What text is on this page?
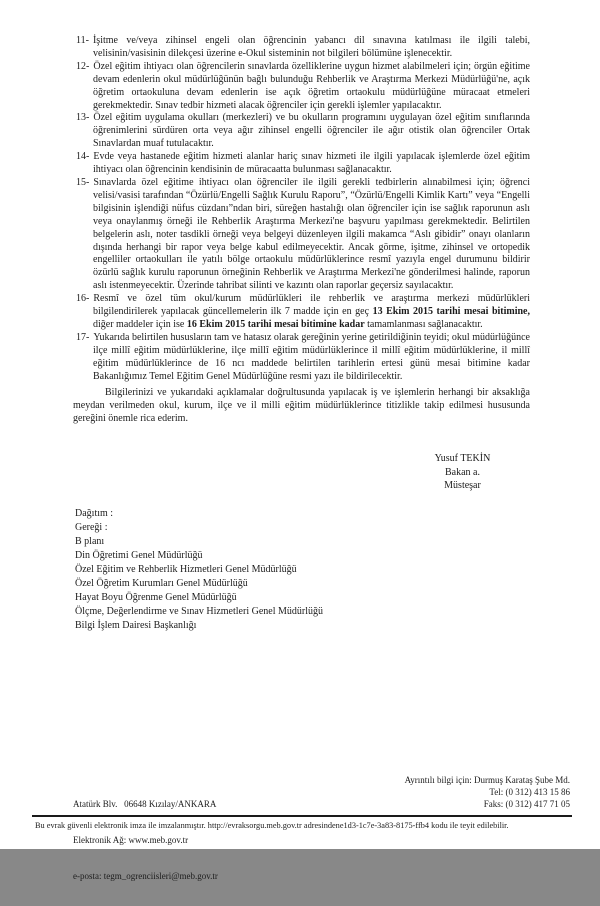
11- İşitme ve/veya zihinsel engeli olan öğrencinin yabancı dil sınavına katılması ile ilgili talebi, velisinin/vasisinin dilekçesi üzerine e-Okul sisteminin not bilgileri bölümüne işlenecektir.
12- Özel eğitim ihtiyacı olan öğrencilerin sınavlarda özelliklerine uygun hizmet alabilmeleri için; örgün eğitime devam edenlerin okul müdürlüğünün bağlı bulunduğu Rehberlik ve Araştırma Merkezi Müdürlüğü'ne, açık öğretim ortaokuluna devam edenlerin ise açık öğretim ortaokulu müdürlüğüne müracaat etmeleri gerekmektedir. Sınav tedbir hizmeti alacak öğrenciler için gerekli işlemler yapılacaktır.
13- Özel eğitim uygulama okulları (merkezleri) ve bu okulların programını uygulayan özel eğitim sınıflarında öğrenimlerini sürdüren orta veya ağır zihinsel engelli öğrenciler ile ağır otistik olan öğrenciler Ortak Sınavlardan muaf tutulacaktır.
14- Evde veya hastanede eğitim hizmeti alanlar hariç sınav hizmeti ile ilgili yapılacak işlemlerde özel eğitim ihtiyacı olan öğrencinin kendisinin de müracaatta bulunması sağlanacaktır.
15- Sınavlarda özel eğitime ihtiyacı olan öğrenciler ile ilgili gerekli tedbirlerin alınabilmesi için; öğrenci velisi/vasisi tarafından “Özürlü/Engelli Sağlık Kurulu Raporu”, “Özürlü/Engelli Kimlik Kartı” veya “Engelli bilgisinin işlendiği nüfus cüzdanı”ndan biri, süreğen hastalığı olan öğrenciler için ise sağlık raporunun aslı veya onaylanmış örneği ile Rehberlik Araştırma Merkezi'ne başvuru yapılması gerekmektedir. Belirtilen belgelerin aslı, noter tasdikli örneği veya belgeyi düzenleyen ilgili makamca “Aslı gibidir” onayı olanların dışında herhangi bir rapor veya belge kabul edilmeyecektir. Ancak görme, işitme, zihinsel ve ortopedik engelliler ortaokulları ile yatılı bölge ortaokulu müdürlüklerince resmî yazıyla engel durumunu bildirir özürlü sağlık kurulu raporunun örneğinin Rehberlik ve Araştırma Merkezi'ne gönderilmesi halinde, raporun aslı istenmeyecektir. Üzerinde tahribat silinti ve kazıntı olan raporlar geçersiz sayılacaktır.
16- Resmî ve özel tüm okul/kurum müdürlükleri ile rehberlik ve araştırma merkezi müdürlükleri bilgilendirilerek yapılacak güncellemelerin ilk 7 madde için en geç 13 Ekim 2015 tarihi mesai bitimine, diğer maddeler için ise 16 Ekim 2015 tarihi mesai bitimine kadar tamamlanması sağlanacaktır.
17- Yukarıda belirtilen hususların tam ve hatasız olarak gereğinin yerine getirildiğinin teyidi; okul müdürlüğünce ilçe millî eğitim müdürlüklerine, ilçe millî eğitim müdürlüklerince il millî eğitim müdürlüklerine, il millî eğitim müdürlüklerince de 16 ncı maddede belirtilen tarihlerin ertesi günü mesai bitimine kadar Bakanlığımız Temel Eğitim Genel Müdürlüğüne resmi yazı ile bildirilecektir.

Bilgilerinizi ve yukarıdaki açıklamalar doğrultusunda yapılacak iş ve işlemlerin herhangi bir aksaklığa meydan verilmeden okul, kurum, ilçe ve il milli eğitim müdürlüklerince titizlikle takip edilmesi hususunda gereğini önemle rica ederim.

Yusuf TEKİN
Bakan a.
Müsteşar
Dağıtım :
Gereği :
B planı
Din Öğretimi Genel Müdürlüğü
Özel Eğitim ve Rehberlik Hizmetleri Genel Müdürlüğü
Özel Öğretim Kurumları Genel Müdürlüğü
Hayat Boyu Öğrenme Genel Müdürlüğü
Ölçme, Değerlendirme ve Sınav Hizmetleri Genel Müdürlüğü
Bilgi İşlem Dairesi Başkanlığı

Atatürk Blv.   06648 Kızılay/ANKARA

Elektronik Ağ: www.meb.gov.tr

e-posta: tegm_ogrenciisleri@meb.gov.tr

Ayrıntılı bilgi için: Durmuş Karataş Şube Md.
Tel: (0 312) 413 15 86
Faks: (0 312) 417 71 05
Bu evrak güvenli elektronik imza ile imzalanmıştır. http://evraksorgu.meb.gov.tr adresindene1d3-1c7e-3a83-8175-ffb4 kodu ile teyit edilebilir.
